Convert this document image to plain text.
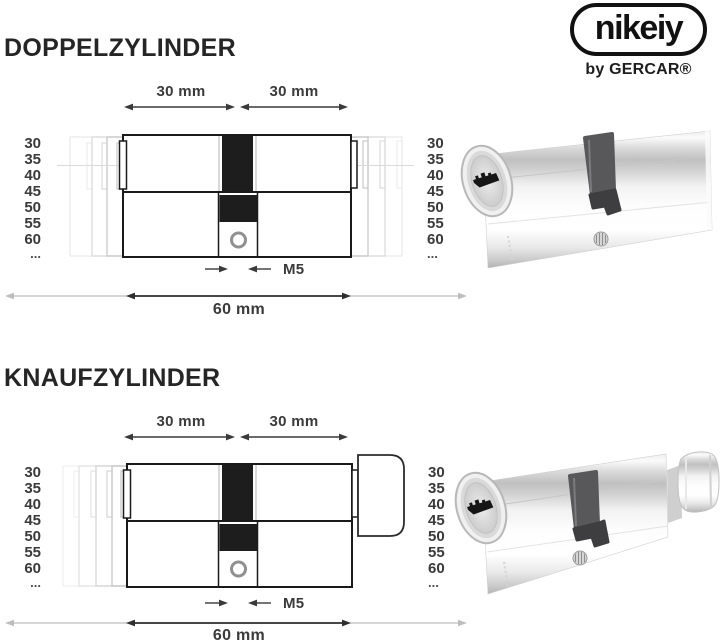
DOPPELZYLINDER
nikeiy
by GERCAR®
30 mm	30 mm
M5
60 mm
30
35
40
45
50
55
60
...
30
35
40
45
50
55
60
...
KNAUFZYLINDER
30 mm	30 mm
M5
60 mm
30
35
40
45
50
55
60
...
30
35
40
45
50
55
60
...
